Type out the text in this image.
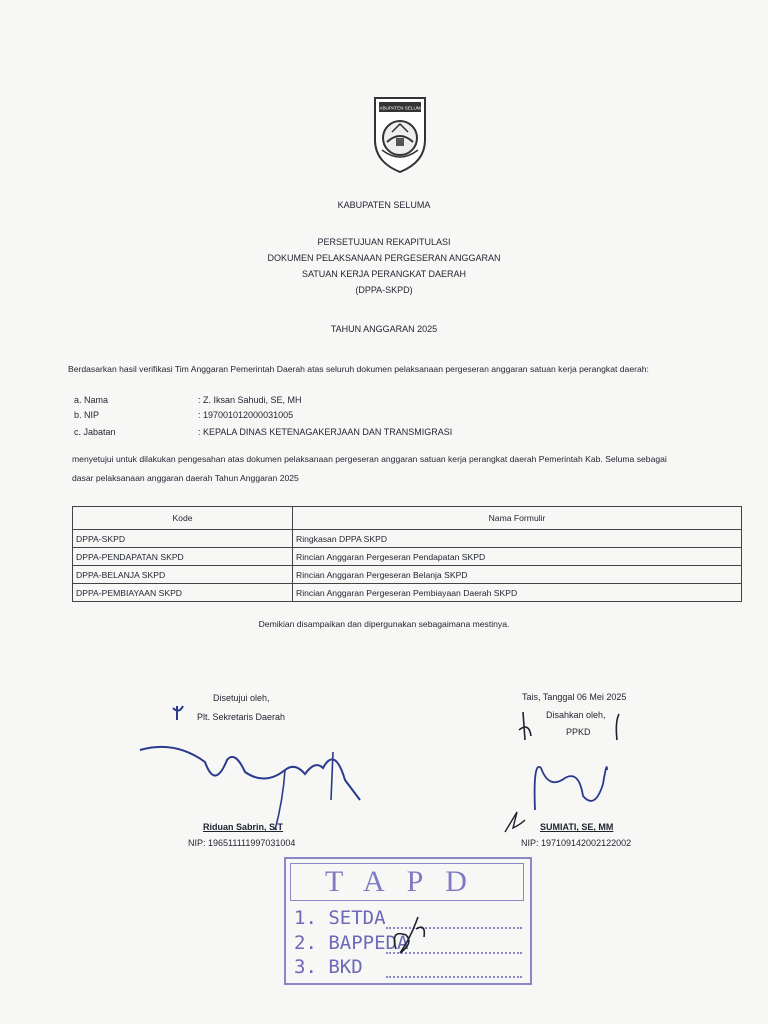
KABUPATEN SELUMA
KABUPATEN SELUMA
PERSETUJUAN REKAPITULASI
DOKUMEN PELAKSANAAN PERGESERAN ANGGARAN
SATUAN KERJA PERANGKAT DAERAH
(DPPA-SKPD)
TAHUN ANGGARAN 2025
Berdasarkan hasil verifikasi Tim Anggaran Pemerintah Daerah atas seluruh dokumen pelaksanaan pergeseran anggaran satuan kerja perangkat daerah:
a. Nama	: Z. Iksan Sahudi, SE, MH
b. NIP	: 197001012000031005
c. Jabatan	: KEPALA DINAS KETENAGAKERJAAN DAN TRANSMIGRASI
menyetujui untuk dilakukan pengesahan atas dokumen pelaksanaan pergeseran anggaran satuan kerja perangkat daerah Pemerintah Kab. Seluma sebagai
dasar pelaksanaan anggaran daerah Tahun Anggaran 2025
Kode	Nama Formulir
DPPA-SKPD	Ringkasan DPPA SKPD
DPPA-PENDAPATAN SKPD	Rincian Anggaran Pergeseran Pendapatan SKPD
DPPA-BELANJA SKPD	Rincian Anggaran Pergeseran Belanja SKPD
DPPA-PEMBIAYAAN SKPD	Rincian Anggaran Pergeseran Pembiayaan Daerah SKPD
Demikian disampaikan dan dipergunakan sebagaimana mestinya.
Disetujui oleh,
Plt. Sekretaris Daerah
Riduan Sabrin, S.T
NIP: 196511111997031004
Tais, Tanggal 06 Mei 2025
Disahkan oleh,
PPKD
SUMIATI, SE, MM
NIP: 197109142002122002
TAPD
1. SETDA
2. BAPPEDA
3. BKD
